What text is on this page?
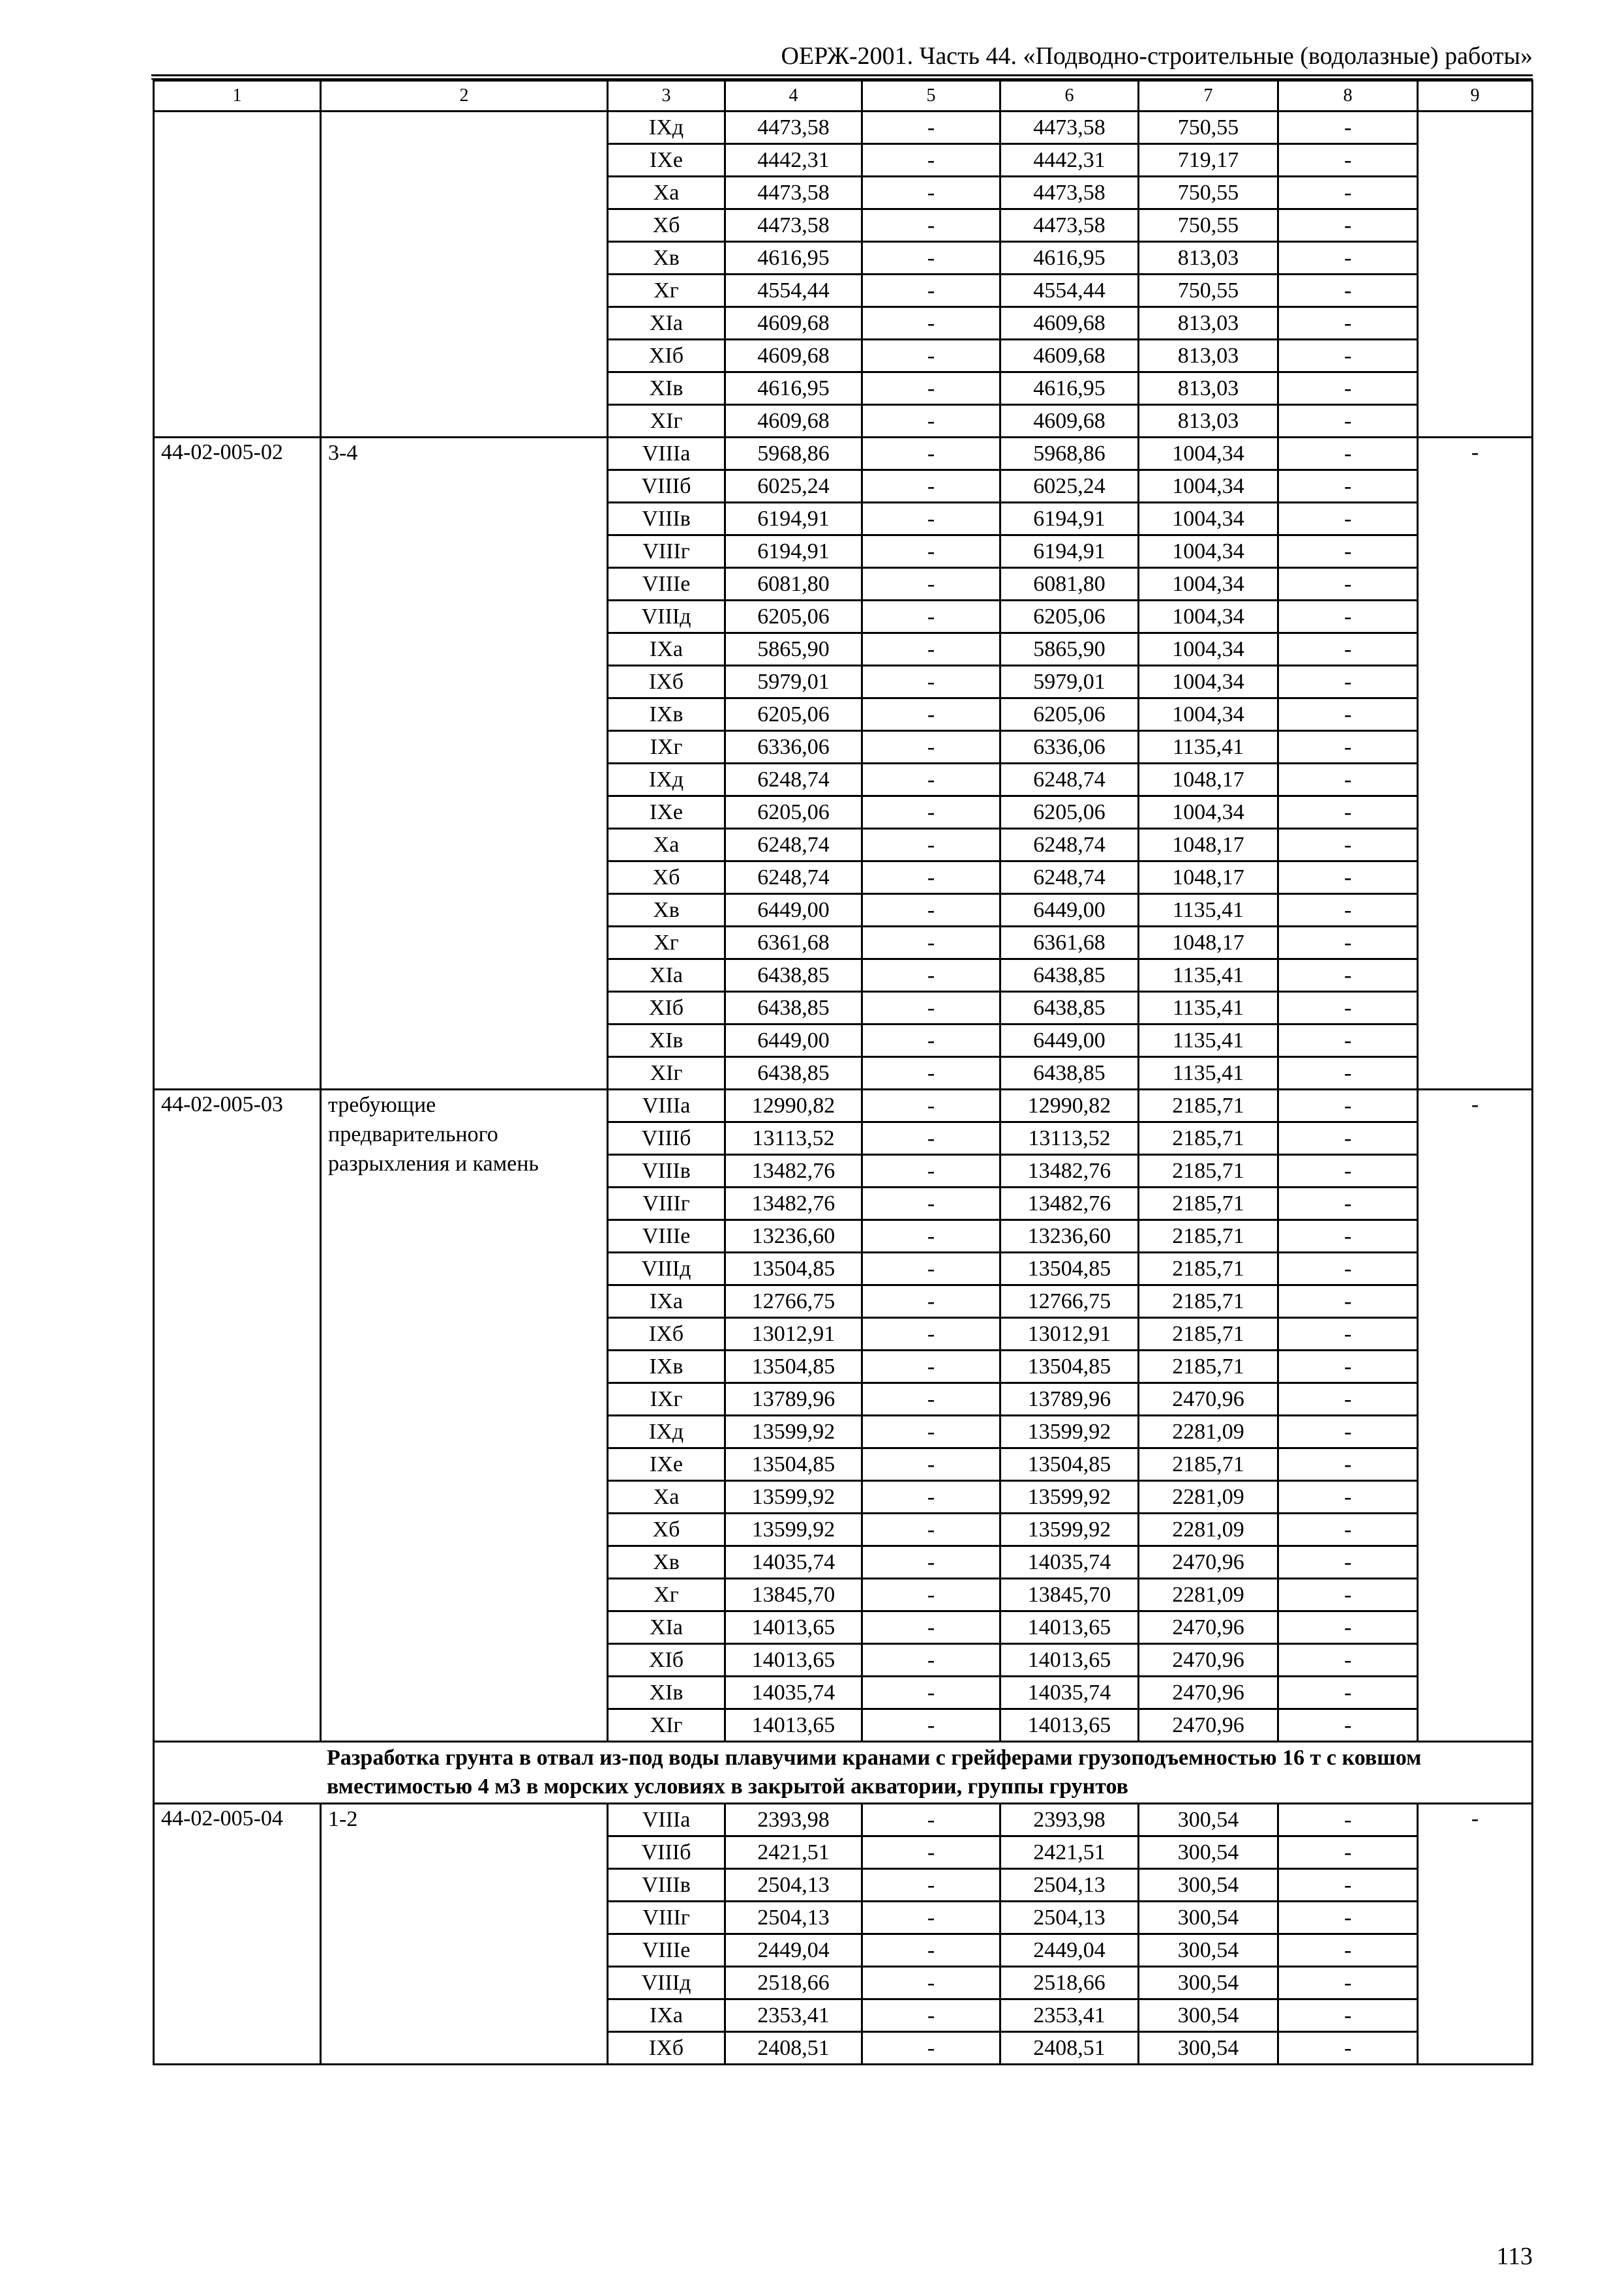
ОЕРЖ-2001. Часть 44. «Подводно-строительные (водолазные) работы»
1	2	3	4	5	6	7	8	9
		IXд	4473,58	-	4473,58	750,55	-	
		IXе	4442,31	-	4442,31	719,17	-	
		Xа	4473,58	-	4473,58	750,55	-	
		Xб	4473,58	-	4473,58	750,55	-	
		Xв	4616,95	-	4616,95	813,03	-	
		Xг	4554,44	-	4554,44	750,55	-	
		XIа	4609,68	-	4609,68	813,03	-	
		XIб	4609,68	-	4609,68	813,03	-	
		XIв	4616,95	-	4616,95	813,03	-	
		XIг	4609,68	-	4609,68	813,03	-	
44-02-005-02	3-4	VIIIа	5968,86	-	5968,86	1004,34	-	-
		VIIIб	6025,24	-	6025,24	1004,34	-	
		VIIIв	6194,91	-	6194,91	1004,34	-	
		VIIIг	6194,91	-	6194,91	1004,34	-	
		VIIIе	6081,80	-	6081,80	1004,34	-	
		VIIIд	6205,06	-	6205,06	1004,34	-	
		IXа	5865,90	-	5865,90	1004,34	-	
		IXб	5979,01	-	5979,01	1004,34	-	
		IXв	6205,06	-	6205,06	1004,34	-	
		IXг	6336,06	-	6336,06	1135,41	-	
		IXд	6248,74	-	6248,74	1048,17	-	
		IXе	6205,06	-	6205,06	1004,34	-	
		Xа	6248,74	-	6248,74	1048,17	-	
		Xб	6248,74	-	6248,74	1048,17	-	
		Xв	6449,00	-	6449,00	1135,41	-	
		Xг	6361,68	-	6361,68	1048,17	-	
		XIа	6438,85	-	6438,85	1135,41	-	
		XIб	6438,85	-	6438,85	1135,41	-	
		XIв	6449,00	-	6449,00	1135,41	-	
		XIг	6438,85	-	6438,85	1135,41	-	
44-02-005-03	требующие предварительного разрыхления и камень	VIIIа	12990,82	-	12990,82	2185,71	-	-
		VIIIб	13113,52	-	13113,52	2185,71	-	
		VIIIв	13482,76	-	13482,76	2185,71	-	
		VIIIг	13482,76	-	13482,76	2185,71	-	
		VIIIе	13236,60	-	13236,60	2185,71	-	
		VIIIд	13504,85	-	13504,85	2185,71	-	
		IXа	12766,75	-	12766,75	2185,71	-	
		IXб	13012,91	-	13012,91	2185,71	-	
		IXв	13504,85	-	13504,85	2185,71	-	
		IXг	13789,96	-	13789,96	2470,96	-	
		IXд	13599,92	-	13599,92	2281,09	-	
		IXе	13504,85	-	13504,85	2185,71	-	
		Xа	13599,92	-	13599,92	2281,09	-	
		Xб	13599,92	-	13599,92	2281,09	-	
		Xв	14035,74	-	14035,74	2470,96	-	
		Xг	13845,70	-	13845,70	2281,09	-	
		XIа	14013,65	-	14013,65	2470,96	-	
		XIб	14013,65	-	14013,65	2470,96	-	
		XIв	14035,74	-	14035,74	2470,96	-	
		XIг	14013,65	-	14013,65	2470,96	-	
Разработка грунта в отвал из-под воды плавучими кранами с грейферами грузоподъемностью 16 т с ковшом вместимостью 4 м3 в морских условиях в закрытой акватории, группы грунтов								
44-02-005-04	1-2	VIIIа	2393,98	-	2393,98	300,54	-	-
		VIIIб	2421,51	-	2421,51	300,54	-	
		VIIIв	2504,13	-	2504,13	300,54	-	
		VIIIг	2504,13	-	2504,13	300,54	-	
		VIIIе	2449,04	-	2449,04	300,54	-	
		VIIIд	2518,66	-	2518,66	300,54	-	
		IXа	2353,41	-	2353,41	300,54	-	
		IXб	2408,51	-	2408,51	300,54	-	
113
